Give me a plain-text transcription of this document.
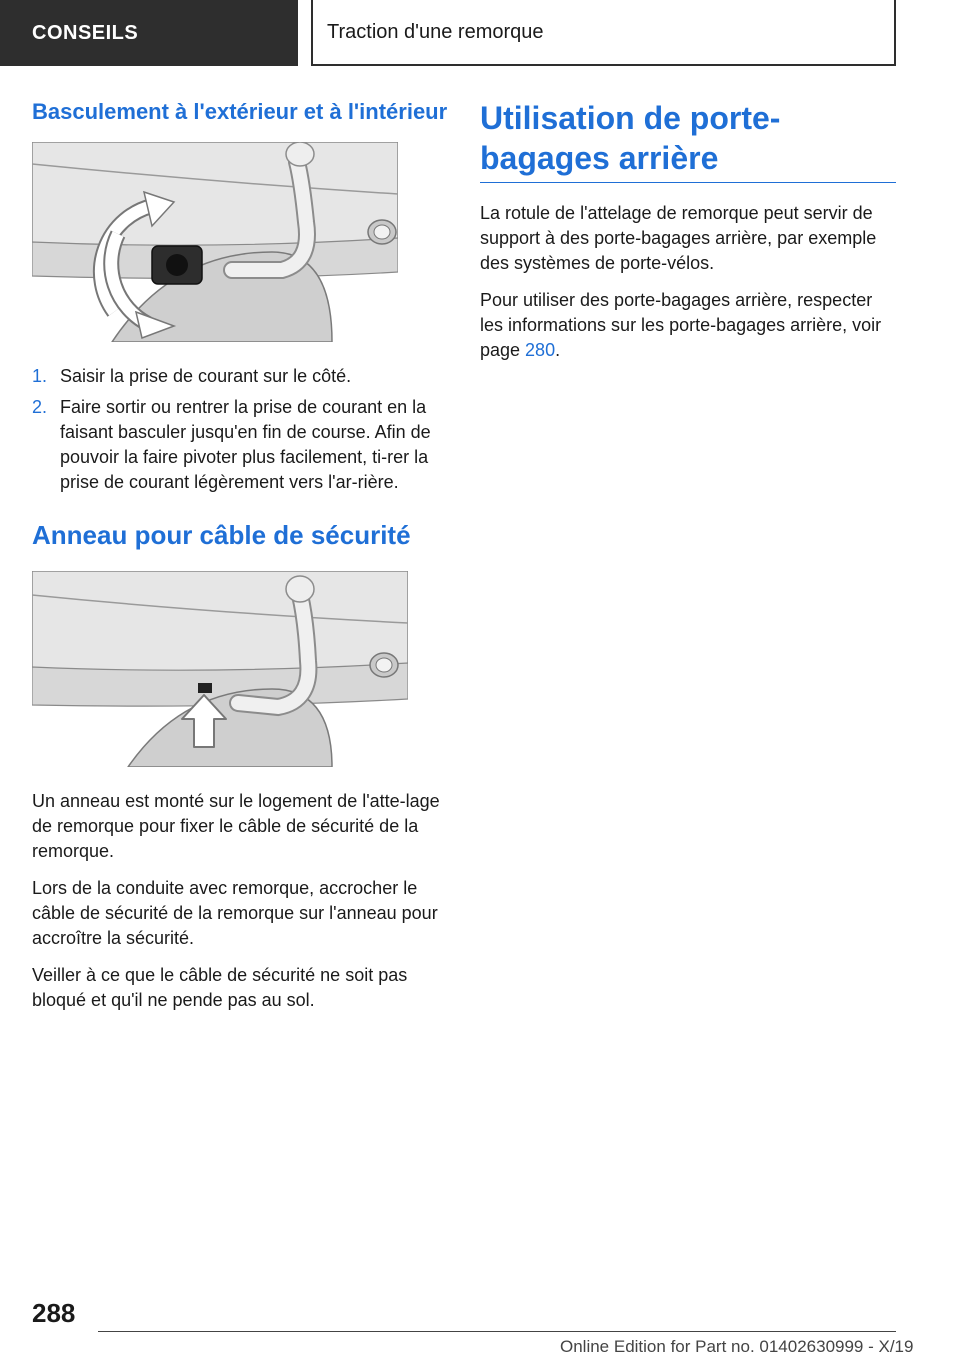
CONSEILS	Traction d'une remorque
Basculement à l'extérieur et à l'intérieur
1. Saisir la prise de courant sur le côté.
2. Faire sortir ou rentrer la prise de courant en la faisant basculer jusqu'en fin de course. Afin de pouvoir la faire pivoter plus facilement, ti-rer la prise de courant légèrement vers l'ar-rière.
Anneau pour câble de sécurité

Un anneau est monté sur le logement de l'atte-lage de remorque pour fixer le câble de sécurité de la remorque.

Lors de la conduite avec remorque, accrocher le câble de sécurité de la remorque sur l'anneau pour accroître la sécurité.

Veiller à ce que le câble de sécurité ne soit pas bloqué et qu'il ne pende pas au sol.

Utilisation de porte-bagages arrière

La rotule de l'attelage de remorque peut servir de support à des porte-bagages arrière, par exemple des systèmes de porte-vélos.

Pour utiliser des porte-bagages arrière, respecter les informations sur les porte-bagages arrière, voir page 280.

288
Online Edition for Part no. 01402630999 - X/19
